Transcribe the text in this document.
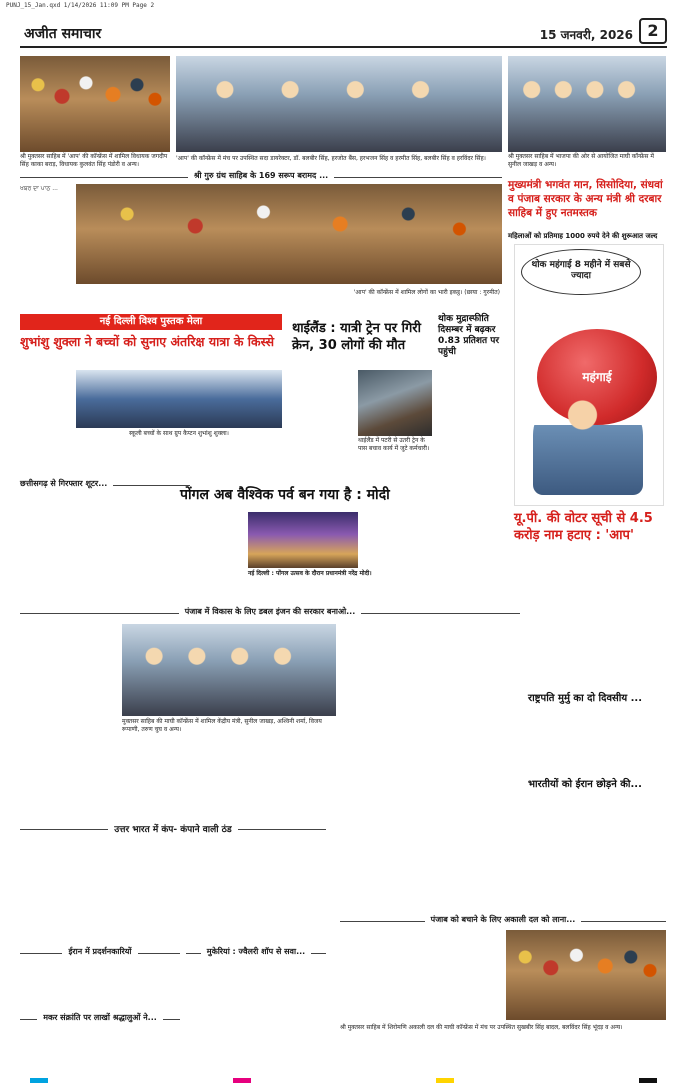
PUNJ_15_Jan.qxd 1/14/2026 11:09 PM Page 2
अजीत समाचार	15 जनवरी, 2026 2
श्री मुक्तसर साहिब में 'आप' की कॉन्फ्रेंस में शामिल विधायक जगदीप सिंह काका बराड़, विधायक कुलवंत सिंह पंडोरी व अन्य।
'आप' की कॉन्फ्रेंस में मंच पर उपस्थित सदा डायरेक्टर, डॉ. बलबीर सिंह, हरजोत बैंस, हरभजन सिंह व हरमीत सिंह, बलबीर सिंह व हरविंदर सिंह।	श्री मुक्तसर साहिब में भाजपा की ओर से आयोजित माघी कॉन्फ्रेंस में सुनील जाखड़ व अन्य।
श्री गुरु ग्रंथ साहिब के 169 सरूप बरामद ...
ਖਬਰ ਦਾ ਪਾਠ ...
'आप' की कॉन्फ्रेंस में शामिल लोगों का भारी इकट्ठ। (छाया : गुरमीत)
मुख्यमंत्री भगवंत मान, सिसोदिया, संधवां व पंजाब सरकार के अन्य मंत्री श्री दरबार साहिब में हुए नतमस्तक
महिलाओं को प्रतिमाह 1000 रुपये देने की शुरूआत जल्द
नई दिल्ली विश्व पुस्तक मेला
शुभांशु शुक्ला ने बच्चों को सुनाए अंतरिक्ष यात्रा के किस्से
स्कूली बच्चों के साथ ग्रुप कैप्टन शुभांशु शुक्ला।
थाईलैंड : यात्री ट्रेन पर गिरी क्रेन, 30 लोगों की मौत
थाईलैंड में पटरी से उतरी ट्रेन के पास बचाव कार्य में जुटे कर्मचारी।
थोक मुद्रास्फीति दिसम्बर में बढ़कर 0.83 प्रतिशत पर पहुंची
थोक महंगाई 8 महीने में सबसे ज्यादा
महंगाई
यू.पी. की वोटर सूची से 4.5 करोड़ नाम हटाए : 'आप'
छत्तीसगढ़ से गिरफ्तार शूटर...
पोंगल अब वैश्विक पर्व बन गया है : मोदी
नई दिल्ली : पोंगल उत्सव के दौरान प्रधानमंत्री नरेंद्र मोदी।
पंजाब में विकास के लिए डबल इंजन की सरकार बनाओ...
मुक्तसर साहिब की माघी कॉन्फ्रेंस में शामिल केंद्रीय मंत्री, सुनील जाखड़, अश्विनी शर्मा, विजय रूपाणी, तरुण चुघ व अन्य।
राष्ट्रपति मुर्मु का दो दिवसीय ...
भारतीयों को ईरान छोड़ने की...
उत्तर भारत में कंप- कंपाने वाली ठंड
ईरान में प्रदर्शनकारियों
मकर संक्रांति पर लाखों श्रद्धालुओं ने...
मुकेरियां : ज्वैलरी शॉप से सवा...
पंजाब को बचाने के लिए अकाली दल को लाना...
श्री मुक्तसर साहिब में शिरोमणि अकाली दल की माघी कॉन्फ्रेंस में मंच पर उपस्थित सुखबीर सिंह बादल, बलविंदर सिंह भूंदड़ व अन्य।
